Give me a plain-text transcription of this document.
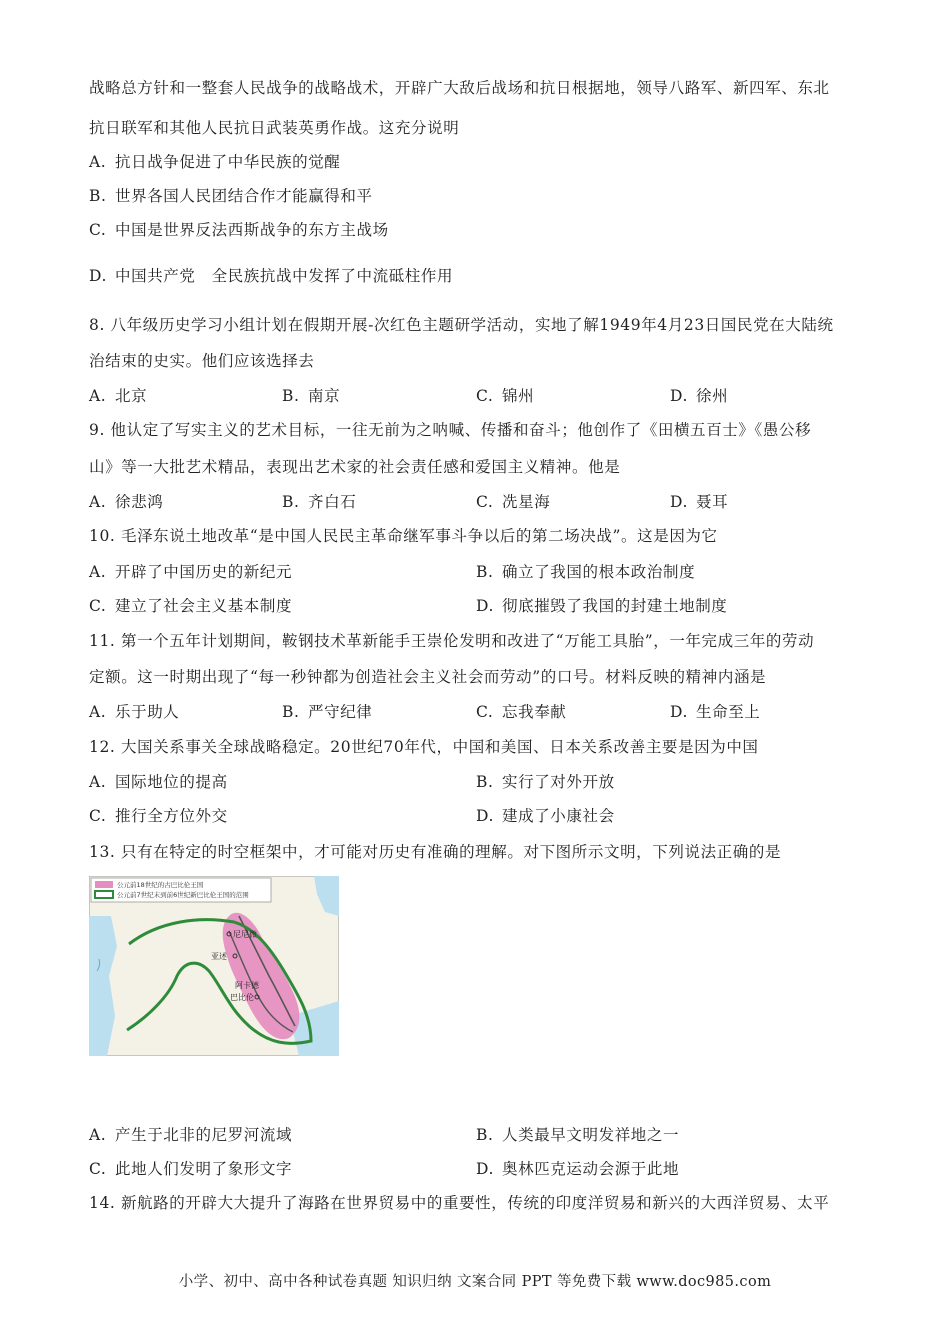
战略总方针和一整套人民战争的战略战术，开辟广大敌后战场和抗日根据地，领导八路军、新四军、东北
抗日联军和其他人民抗日武装英勇作战。这充分说明
A. 抗日战争促进了中华民族的觉醒
B. 世界各国人民团结合作才能赢得和平
C. 中国是世界反法西斯战争的东方主战场
D. 中国共产党　全民族抗战中发挥了中流砥柱作用
8. 八年级历史学习小组计划在假期开展-次红色主题研学活动，实地了解1949年4月23日国民党在大陆统
治结束的史实。他们应该选择去
A. 北京	B. 南京	C. 锦州	D. 徐州
9. 他认定了写实主义的艺术目标，一往无前为之呐喊、传播和奋斗；他创作了《田横五百士》《愚公移
山》等一大批艺术精品，表现出艺术家的社会责任感和爱国主义精神。他是
A. 徐悲鸿	B. 齐白石	C. 冼星海	D. 聂耳
10. 毛泽东说土地改革“是中国人民民主革命继军事斗争以后的第二场决战”。这是因为它
A. 开辟了中国历史的新纪元	B. 确立了我国的根本政治制度
C. 建立了社会主义基本制度	D. 彻底摧毁了我国的封建土地制度
11. 第一个五年计划期间，鞍钢技术革新能手王崇伦发明和改进了“万能工具胎”，一年完成三年的劳动
定额。这一时期出现了“每一秒钟都为创造社会主义社会而劳动”的口号。材料反映的精神内涵是
A. 乐于助人	B. 严守纪律	C. 忘我奉献	D. 生命至上
12. 大国关系事关全球战略稳定。20世纪70年代，中国和美国、日本关系改善主要是因为中国
A. 国际地位的提高	B. 实行了对外开放
C. 推行全方位外交	D. 建成了小康社会
13. 只有在特定的时空框架中，才可能对历史有准确的理解。对下图所示文明，下列说法正确的是
公元前18世纪的古巴比伦王国
公元前7世纪末到前6世纪新巴比伦王国的范围
尼尼微
亚述
阿卡德
巴比伦
A. 产生于北非的尼罗河流域	B. 人类最早文明发祥地之一
C. 此地人们发明了象形文字	D. 奥林匹克运动会源于此地
14. 新航路的开辟大大提升了海路在世界贸易中的重要性，传统的印度洋贸易和新兴的大西洋贸易、太平
小学、初中、高中各种试卷真题 知识归纳 文案合同 PPT 等免费下载 www.doc985.com
